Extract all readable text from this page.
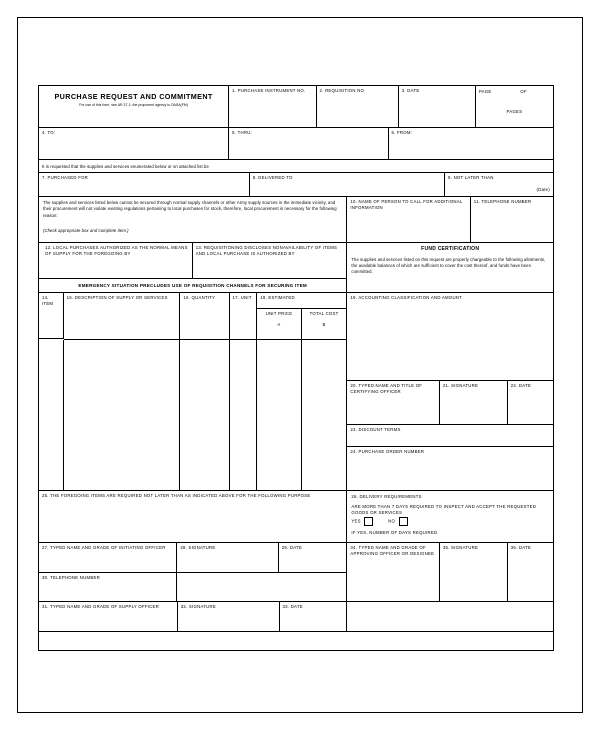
PURCHASE REQUEST AND COMMITMENT
For use of this form, see AR 37-1; the proponent agency is OASA(FM)
1. PURCHASE INSTRUMENT NO.	2. REQUISITION NO.	3. DATE	PAGE	OF
PAGES
4. TO:	5. THRU:	6. FROM:
It is requested that the supplies and services enumerated below or on attached list be
7. PURCHASED FOR	8. DELIVERED TO	9. NOT LATER THAN
(Date)
The supplies and services listed below cannot be secured through normal supply channels or other Army supply sources in the immediate vicinity, and their procurement will not violate existing regulations pertaining to local purchases for stock, therefore, local procurement is necessary for the following reason:
(Check appropriate box and complete item.)
10. NAME OF PERSON TO CALL FOR ADDITIONAL INFORMATION
11. TELEPHONE NUMBER
12. LOCAL PURCHASES AUTHORIZED AS THE NORMAL MEANS OF SUPPLY FOR THE FOREGOING BY
13. REQUISITIONING DISCLOSES NONAVAILABILITY OF ITEMS AND LOCAL PURCHASE IS AUTHORIZED BY
EMERGENCY SITUATION PRECLUDES USE OF REQUISITION CHANNELS FOR SECURING ITEM
FUND CERTIFICATION
The supplies and services listed on this request are properly chargeable to the following allotments, the available balances of which are sufficient to cover the cost thereof, and funds have been committed.
14. ITEM
15. DESCRIPTION OF SUPPLY OR SERVICES	16. QUANTITY	17. UNIT	18. ESTIMATED
UNIT PRICE
A
TOTAL COST
B
19. ACCOUNTING CLASSIFICATION AND AMOUNT
20. TYPED NAME AND TITLE OF CERTIFYING OFFICER
21. SIGNATURE	22. DATE
23. DISCOUNT TERMS
24. PURCHASE ORDER NUMBER
25. THE FOREGOING ITEMS ARE REQUIRED NOT LATER THAN AS INDICATED ABOVE FOR THE FOLLOWING PURPOSE	26. DELIVERY REQUIREMENTS
ARE MORE THAN 7 DAYS REQUIRED TO INSPECT AND ACCEPT THE REQUESTED GOODS OR SERVICES
YES	NO
IF YES, NUMBER OF DAYS REQUIRED
27. TYPED NAME AND GRADE OF INITIATING OFFICER	28. SIGNATURE	29. DATE
30. TELEPHONE NUMBER
34. TYPED NAME AND GRADE OF APPROVING OFFICER OR DESIGNEE
35. SIGNATURE	36. DATE
31. TYPED NAME AND GRADE OF SUPPLY OFFICER	32. SIGNATURE	33. DATE
